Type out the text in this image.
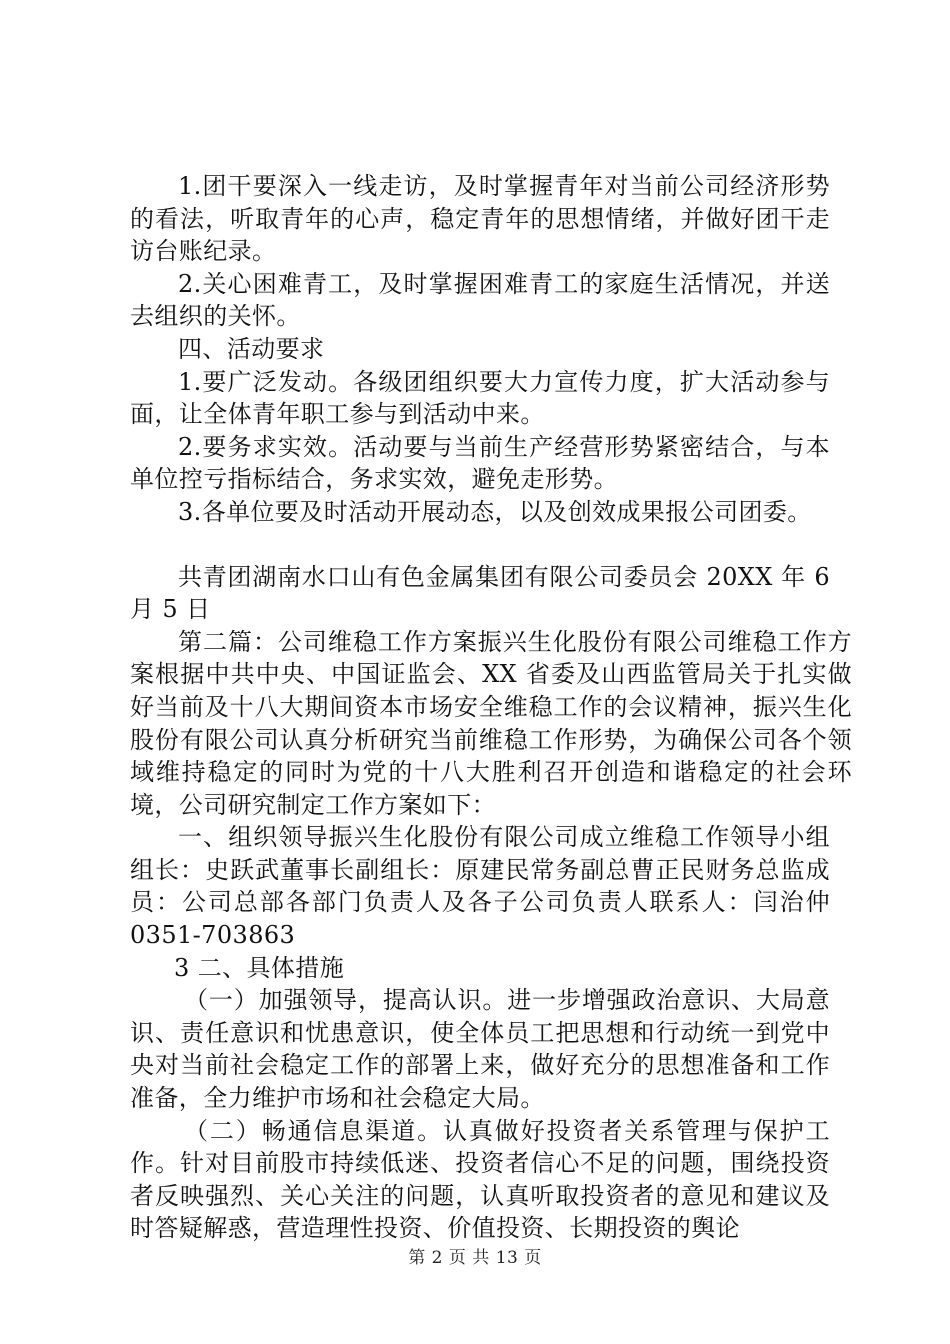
1.团干要深入一线走访，及时掌握青年对当前公司经济形势的看法，听取青年的心声，稳定青年的思想情绪，并做好团干走访台账纪录。

2.关心困难青工，及时掌握困难青工的家庭生活情况，并送去组织的关怀。

四、活动要求

1.要广泛发动。各级团组织要大力宣传力度，扩大活动参与面，让全体青年职工参与到活动中来。

2.要务求实效。活动要与当前生产经营形势紧密结合，与本单位控亏指标结合，务求实效，避免走形势。

3.各单位要及时活动开展动态，以及创效成果报公司团委。

共青团湖南水口山有色金属集团有限公司委员会 20XX 年 6 月 5 日

第二篇：公司维稳工作方案振兴生化股份有限公司维稳工作方案根据中共中央、中国证监会、XX 省委及山西监管局关于扎实做好当前及十八大期间资本市场安全维稳工作的会议精神，振兴生化股份有限公司认真分析研究当前维稳工作形势，为确保公司各个领域维持稳定的同时为党的十八大胜利召开创造和谐稳定的社会环境，公司研究制定工作方案如下：

一、组织领导振兴生化股份有限公司成立维稳工作领导小组组长：史跃武董事长副组长：原建民常务副总曹正民财务总监成员：公司总部各部门负责人及各子公司负责人联系人：闫治仲 0351-703863

3 二、具体措施

（一）加强领导，提高认识。进一步增强政治意识、大局意识、责任意识和忧患意识，使全体员工把思想和行动统一到党中央对当前社会稳定工作的部署上来，做好充分的思想准备和工作准备，全力维护市场和社会稳定大局。

（二）畅通信息渠道。认真做好投资者关系管理与保护工作。针对目前股市持续低迷、投资者信心不足的问题，围绕投资者反映强烈、关心关注的问题，认真听取投资者的意见和建议及时答疑解惑，营造理性投资、价值投资、长期投资的舆论

第 2 页 共 13 页
